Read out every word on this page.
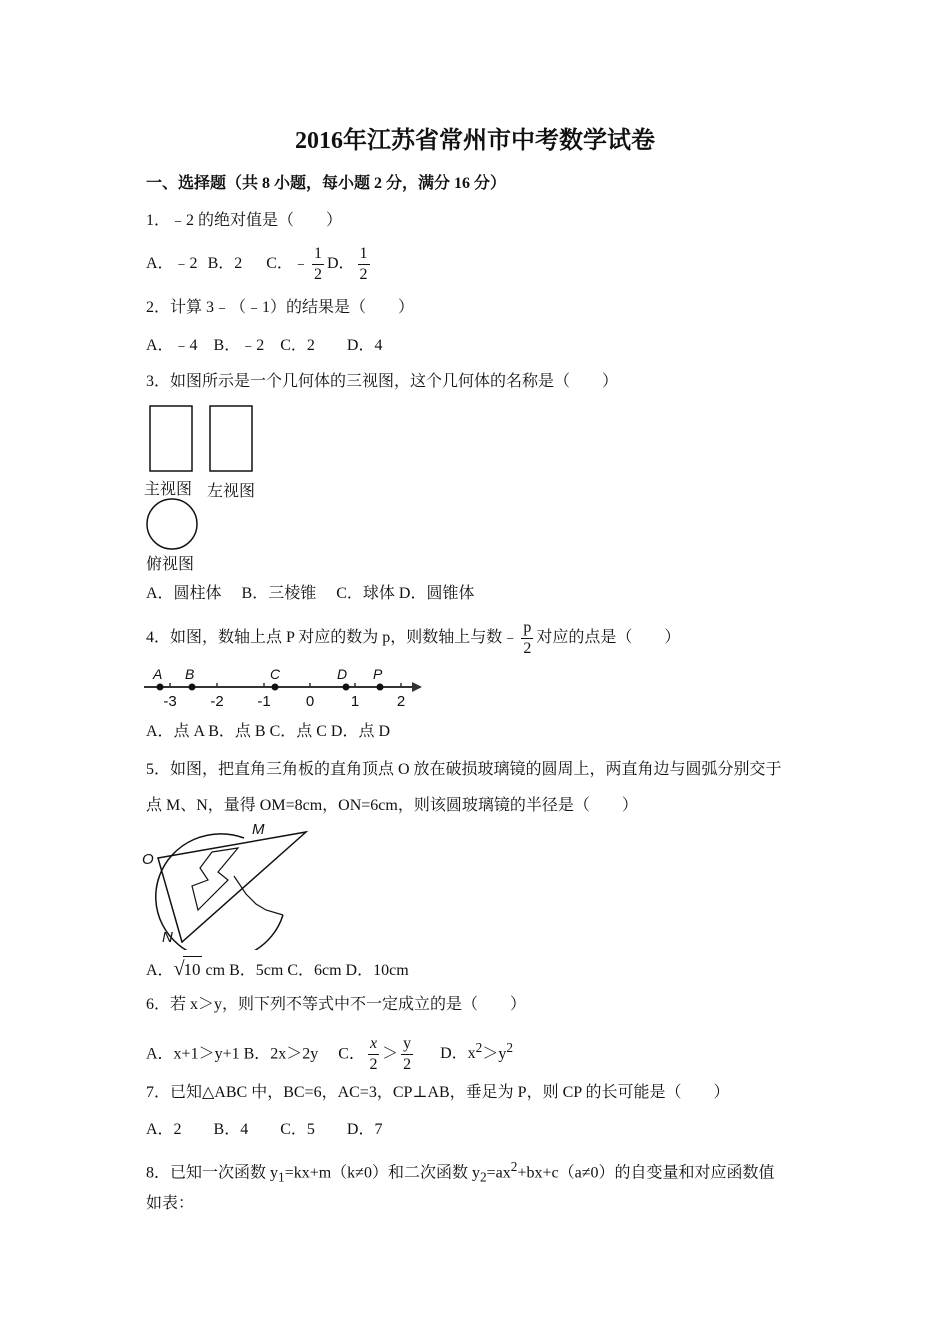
2016年江苏省常州市中考数学试卷
一、选择题（共 8 小题，每小题 2 分，满分 16 分）
1．﹣2 的绝对值是（　　）
A．﹣2 B．2 C．﹣ $\frac{1}{2}$ D． $\frac{1}{2}$
2．计算 3﹣（﹣1）的结果是（　　）
A．﹣4　B．﹣2　C．2　　D．4
3．如图所示是一个几何体的三视图，这个几何体的名称是（　　）
主视图 左视图
俯视图
A．圆柱体　 B．三棱锥　 C．球体 D．圆锥体
4．如图，数轴上点 P 对应的数为 p，则数轴上与数﹣ $\frac{p}{2}$ 对应的点是（　　）
A B	C	D P
-3 -2 -1 0 1	2
A．点 A B．点 B C．点 C D．点 D
5．如图，把直角三角板的直角顶点 O 放在破损玻璃镜的圆周上，两直角边与圆弧分别交于
点 M、N，量得 OM=8cm，ON=6cm，则该圆玻璃镜的半径是（　　）
M
O
N
A．√10 cm B．5cm C．6cm D．10cm
6．若 x＞y，则下列不等式中不一定成立的是（　　）
A．x+1＞y+1 B．2x＞2y　 C． $\frac{x}{2} > \frac{y}{2}$ D．$x^2>y^2$
7．已知△ABC 中，BC=6，AC=3，CP⊥AB，垂足为 P，则 CP 的长可能是（　　）
A．2　　B．4　　C．5　　D．7
8．已知一次函数 $y_1=kx+m(k\ne 0)$和二次函数 $y_2=ax^2+bx+c(a\ne 0)$的自变量和对应函数值
如表：
